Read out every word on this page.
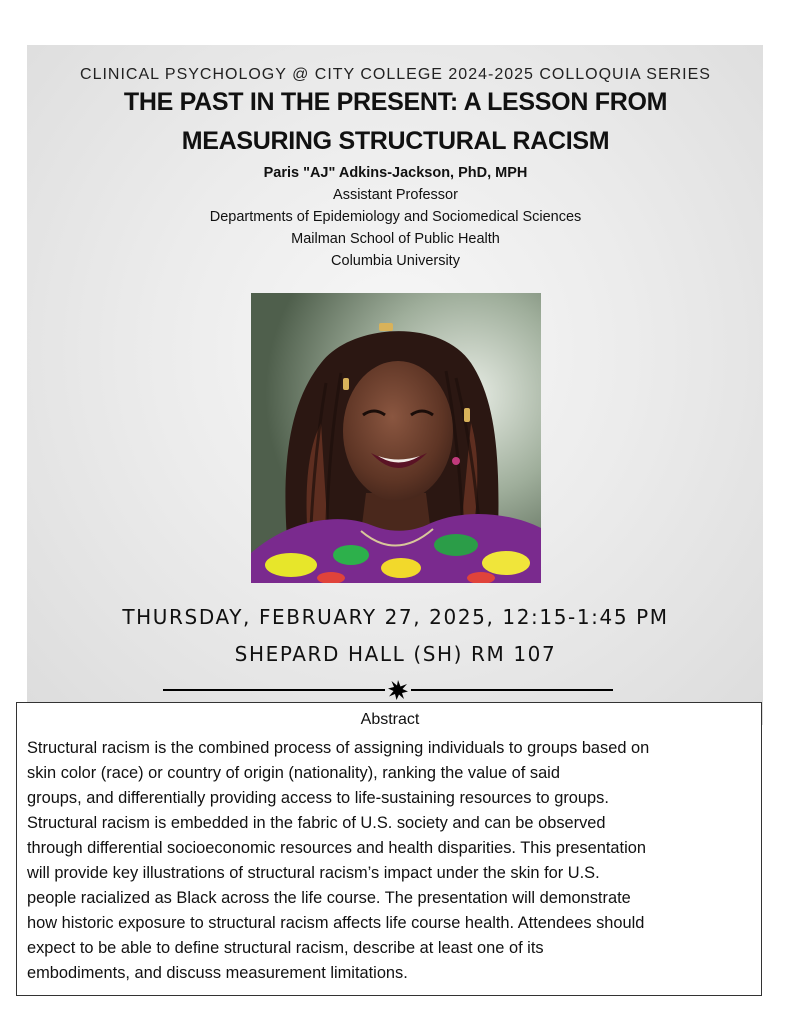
CLINICAL PSYCHOLOGY @ CITY COLLEGE 2024-2025 COLLOQUIA SERIES
THE PAST IN THE PRESENT: A LESSON FROM
MEASURING STRUCTURAL RACISM
Paris "AJ" Adkins-Jackson, PhD, MPH
Assistant Professor
Departments of Epidemiology and Sociomedical Sciences
Mailman School of Public Health
Columbia University
THURSDAY, FEBRUARY 27, 2025, 12:15-1:45 PM
SHEPARD HALL (SH) RM 107
Abstract
Structural racism is the combined process of assigning individuals to groups based on
skin color (race) or country of origin (nationality), ranking the value of said
groups, and differentially providing access to life-sustaining resources to groups.
Structural racism is embedded in the fabric of U.S. society and can be observed
through differential socioeconomic resources and health disparities. This presentation
will provide key illustrations of structural racism’s impact under the skin for U.S.
people racialized as Black across the life course. The presentation will demonstrate
how historic exposure to structural racism affects life course health. Attendees should
expect to be able to define structural racism, describe at least one of its
embodiments, and discuss measurement limitations.
